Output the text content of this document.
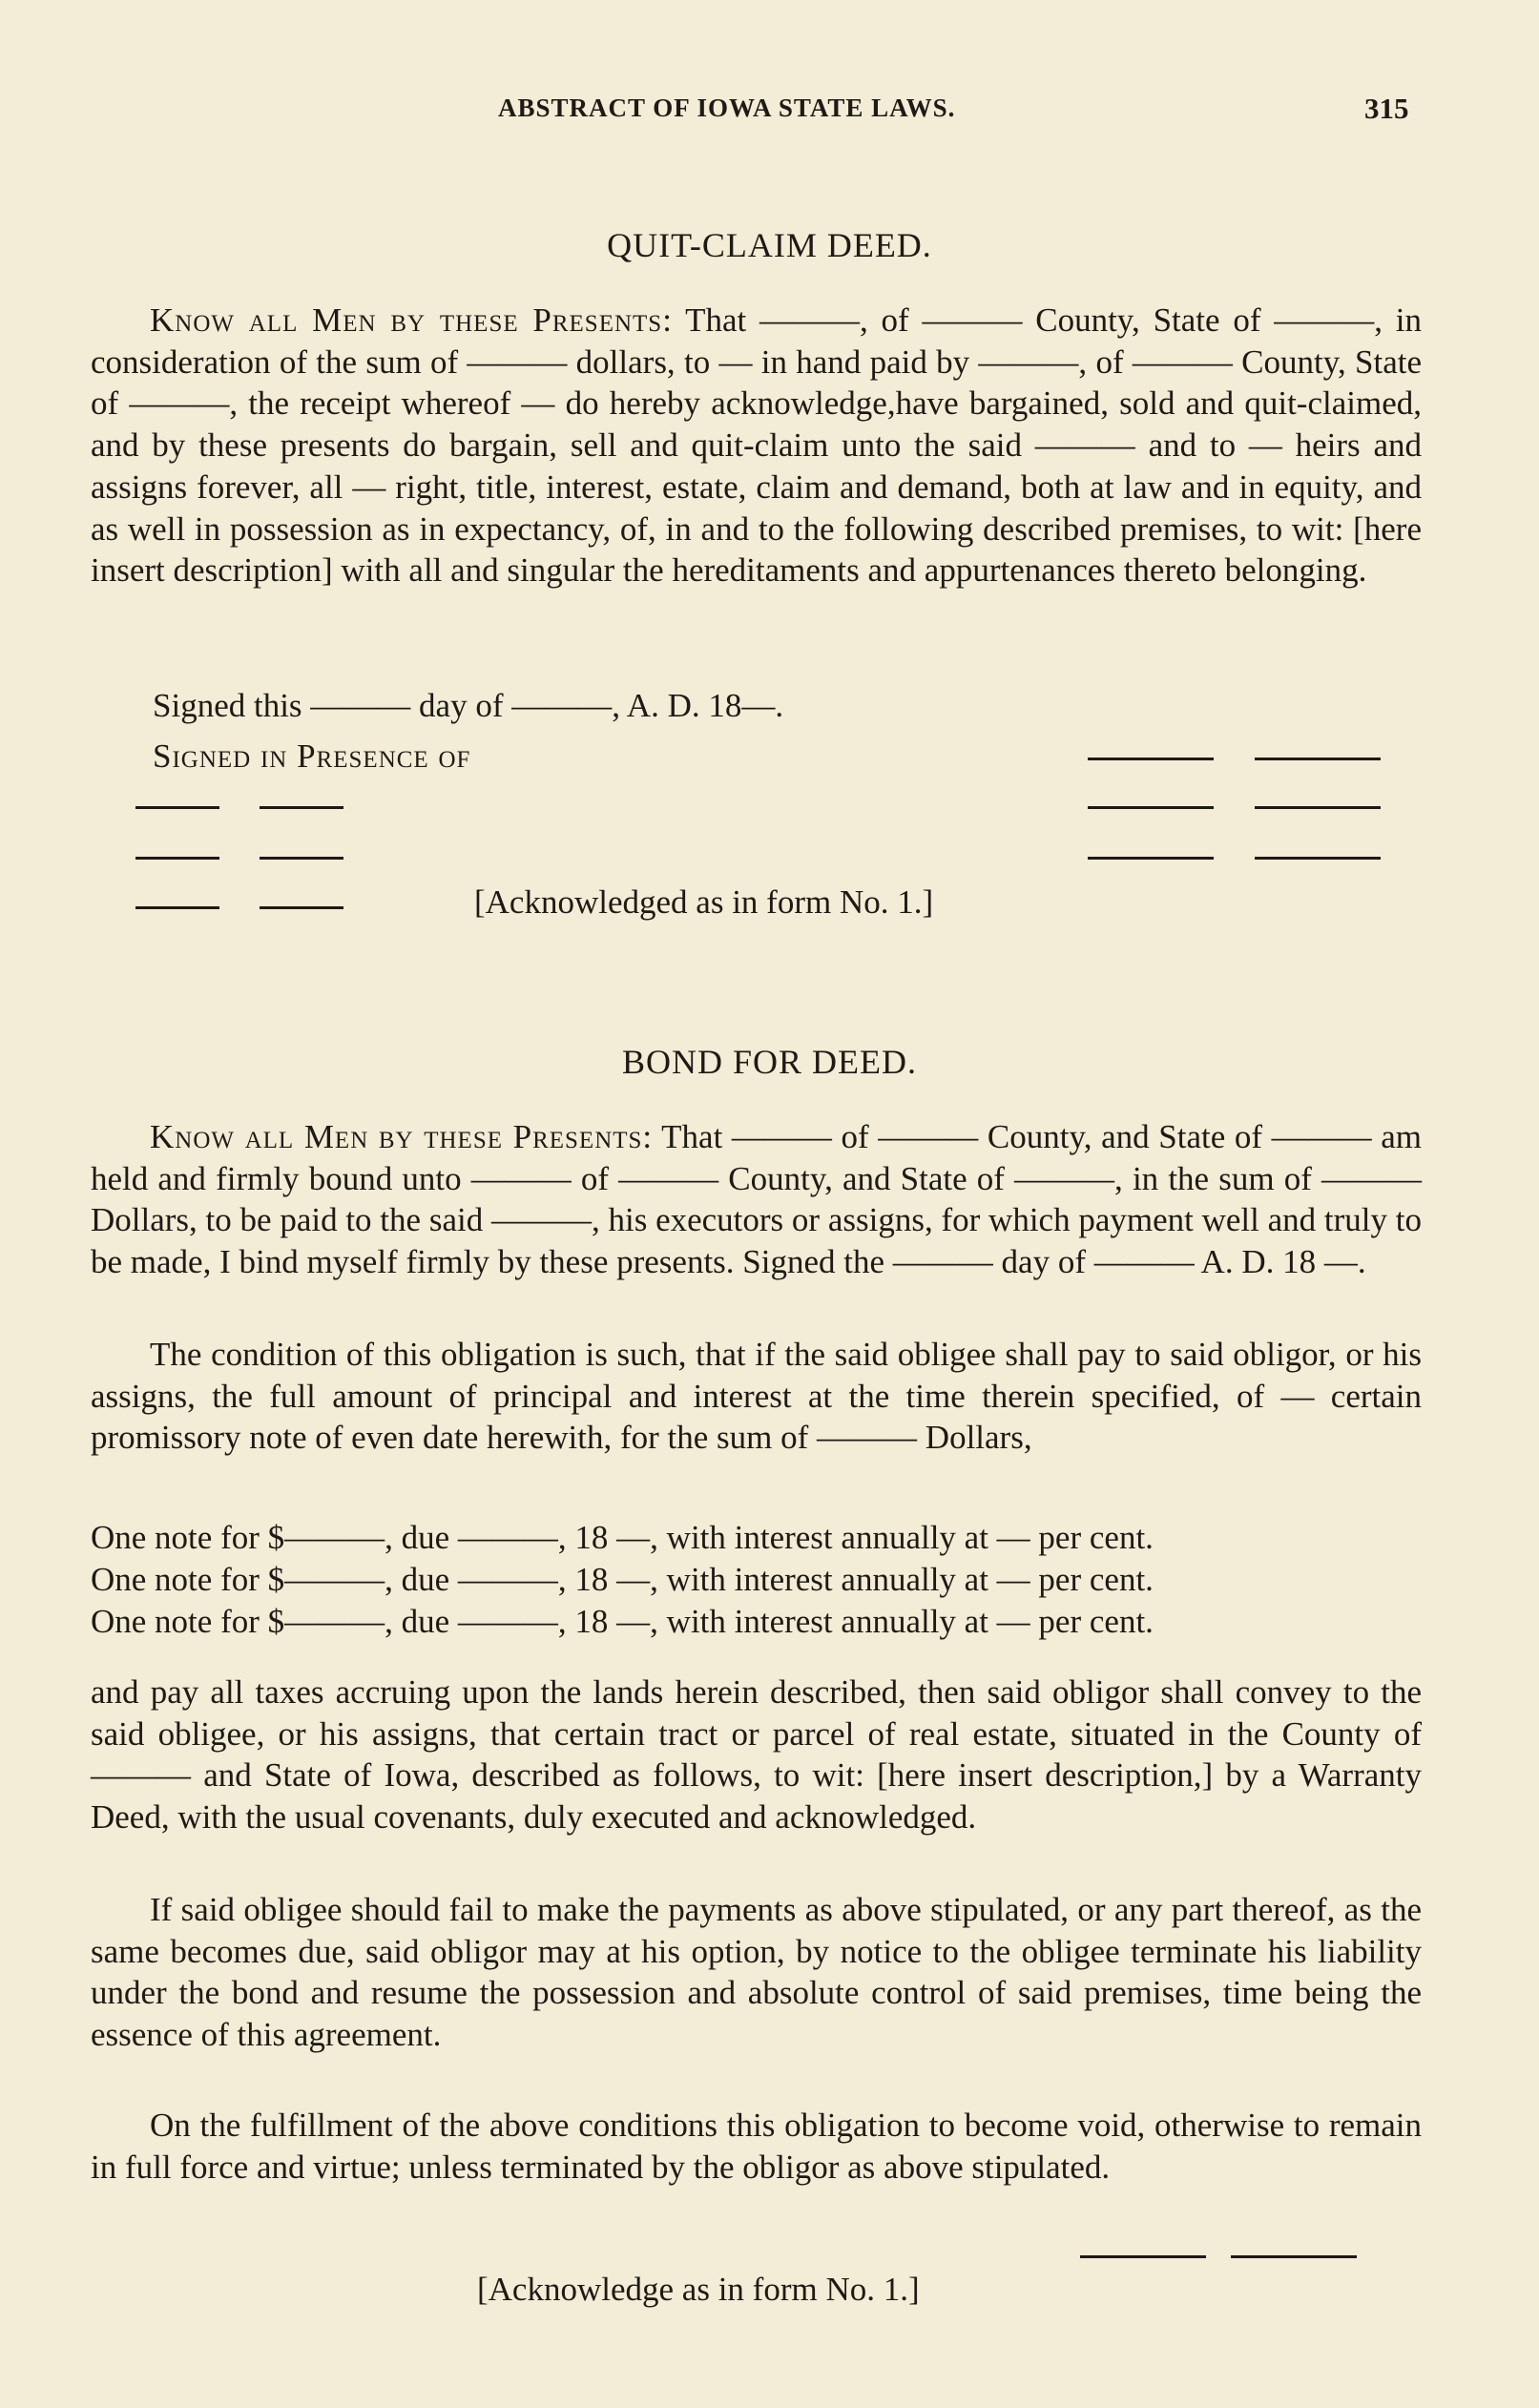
ABSTRACT OF IOWA STATE LAWS.	315
QUIT-CLAIM DEED.

Know all Men by these Presents: That ———, of ——— County, State of ———, in consideration of the sum of ——— dollars, to — in hand paid by ———, of ——— County, State of ———, the receipt whereof — do hereby acknowledge,have bargained, sold and quit-claimed, and by these presents do bargain, sell and quit-claim unto the said ——— and to — heirs and assigns forever, all — right, title, interest, estate, claim and demand, both at law and in equity, and as well in possession as in expectancy, of, in and to the following described premises, to wit: [here insert description] with all and singular the hereditaments and appurtenances thereto belonging.

Signed this ——— day of ———, A. D. 18—.
Signed in Presence of
[Acknowledged as in form No. 1.]
BOND FOR DEED.

Know all Men by these Presents: That ——— of ——— County, and State of ——— am held and firmly bound unto ——— of ——— County, and State of ———, in the sum of ——— Dollars, to be paid to the said ———, his executors or assigns, for which payment well and truly to be made, I bind myself firmly by these presents. Signed the ——— day of ——— A. D. 18 —.

The condition of this obligation is such, that if the said obligee shall pay to said obligor, or his assigns, the full amount of principal and interest at the time therein specified, of — certain promissory note of even date herewith, for the sum of ——— Dollars,

One note for $———, due ———, 18 —, with interest annually at — per cent.
One note for $———, due ———, 18 —, with interest annually at — per cent.
One note for $———, due ———, 18 —, with interest annually at — per cent.

and pay all taxes accruing upon the lands herein described, then said obligor shall convey to the said obligee, or his assigns, that certain tract or parcel of real estate, situated in the County of ——— and State of Iowa, described as follows, to wit: [here insert description,] by a Warranty Deed, with the usual covenants, duly executed and acknowledged.

If said obligee should fail to make the payments as above stipulated, or any part thereof, as the same becomes due, said obligor may at his option, by notice to the obligee terminate his liability under the bond and resume the possession and absolute control of said premises, time being the essence of this agreement.

On the fulfillment of the above conditions this obligation to become void, otherwise to remain in full force and virtue; unless terminated by the obligor as above stipulated.

[Acknowledge as in form No. 1.]
